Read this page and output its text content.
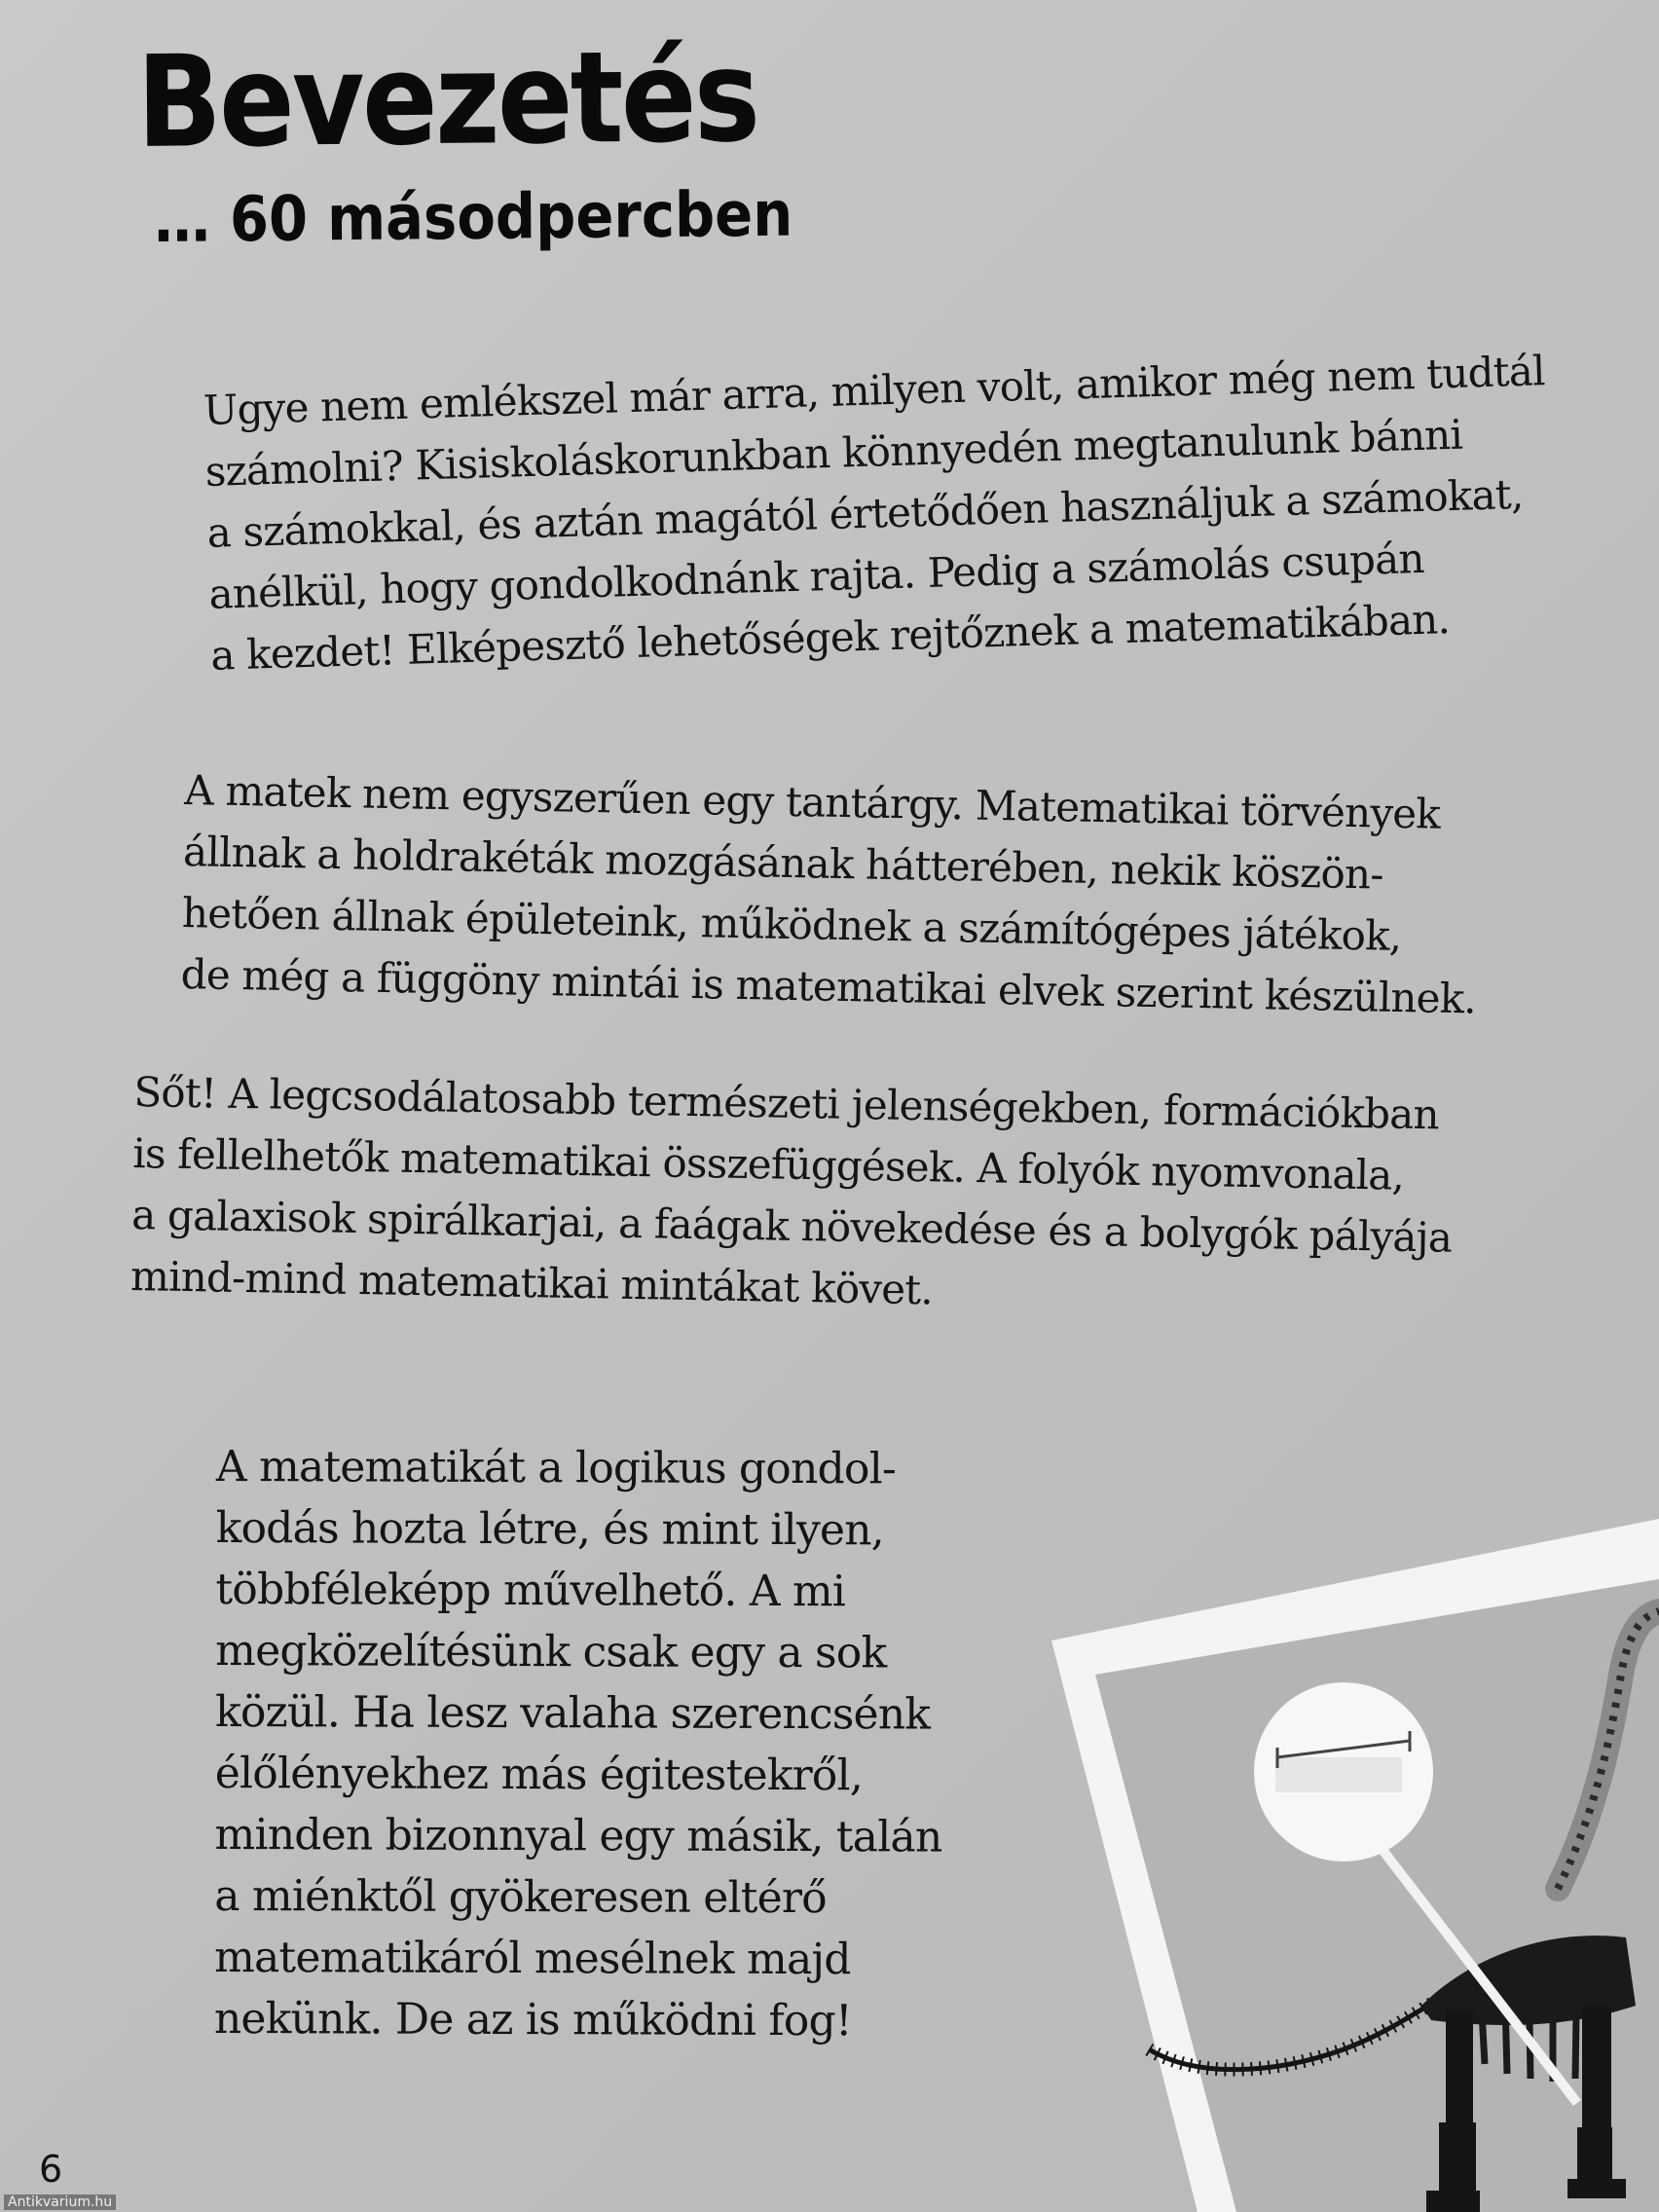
Bevezetés
… 60 másodpercben

Ugye nem emlékszel már arra, milyen volt, amikor még nem tudtál
számolni? Kisiskoláskorunkban könnyedén megtanulunk bánni
a számokkal, és aztán magától értetődően használjuk a számokat,
anélkül, hogy gondolkodnánk rajta. Pedig a számolás csupán
a kezdet! Elképesztő lehetőségek rejtőznek a matematikában.

A matek nem egyszerűen egy tantárgy. Matematikai törvények
állnak a holdrakéták mozgásának hátterében, nekik köszön-
hetően állnak épületeink, működnek a számítógépes játékok,
de még a függöny mintái is matematikai elvek szerint készülnek.

Sőt! A legcsodálatosabb természeti jelenségekben, formációkban
is fellelhetők matematikai összefüggések. A folyók nyomvonala,
a galaxisok spirálkarjai, a faágak növekedése és a bolygók pályája
mind-mind matematikai mintákat követ.

A matematikát a logikus gondol-
kodás hozta létre, és mint ilyen,
többféleképp művelhető. A mi
megközelítésünk csak egy a sok
közül. Ha lesz valaha szerencsénk
élőlényekhez más égitestekről,
minden bizonnyal egy másik, talán
a miénktől gyökeresen eltérő
matematikáról mesélnek majd
nekünk. De az is működni fog!

6

Antikvarium.hu
